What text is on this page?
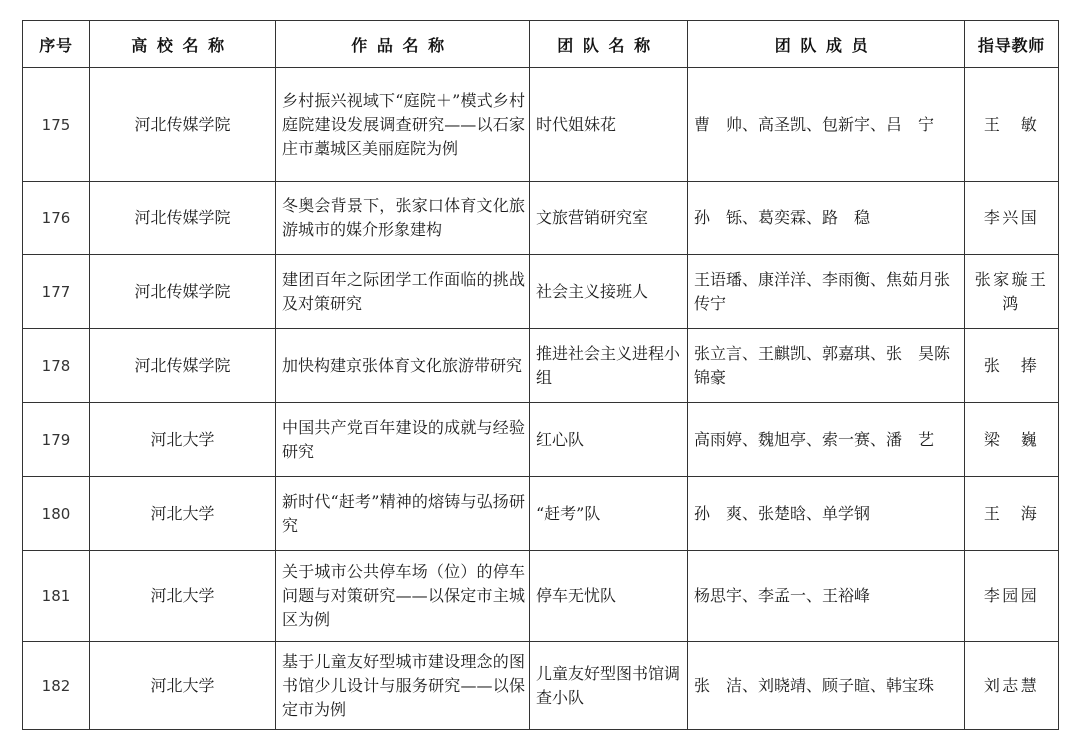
序号	高校名称	作品名称	团队名称	团队成员	指导教师
175	河北传媒学院	乡村振兴视域下“庭院＋”模式乡村庭院建设发展调查研究——以石家庄市藁城区美丽庭院为例	时代姐妹花	曹　帅、高圣凯、包新宇、吕　宁	王　敏
176	河北传媒学院	冬奥会背景下，张家口体育文化旅游城市的媒介形象建构	文旅营销研究室	孙　铄、葛奕霖、路　稳	李兴国
177	河北传媒学院	建团百年之际团学工作面临的挑战及对策研究	社会主义接班人	王语璠、康洋洋、李雨衡、焦茹月张传宁	张家璇王　鸿
178	河北传媒学院	加快构建京张体育文化旅游带研究	推进社会主义进程小组	张立言、王麒凯、郭嘉琪、张　昊陈锦豪	张　捧
179	河北大学	中国共产党百年建设的成就与经验研究	红心队	高雨婷、魏旭亭、索一赛、潘　艺	梁　巍
180	河北大学	新时代“赶考”精神的熔铸与弘扬研究	“赶考”队	孙　爽、张楚晗、单学钢	王　海
181	河北大学	关于城市公共停车场（位）的停车问题与对策研究——以保定市主城区为例	停车无忧队	杨思宇、李孟一、王裕峰	李园园
182	河北大学	基于儿童友好型城市建设理念的图书馆少儿设计与服务研究——以保定市为例	儿童友好型图书馆调查小队	张　洁、刘晓靖、顾子暄、韩宝珠	刘志慧
